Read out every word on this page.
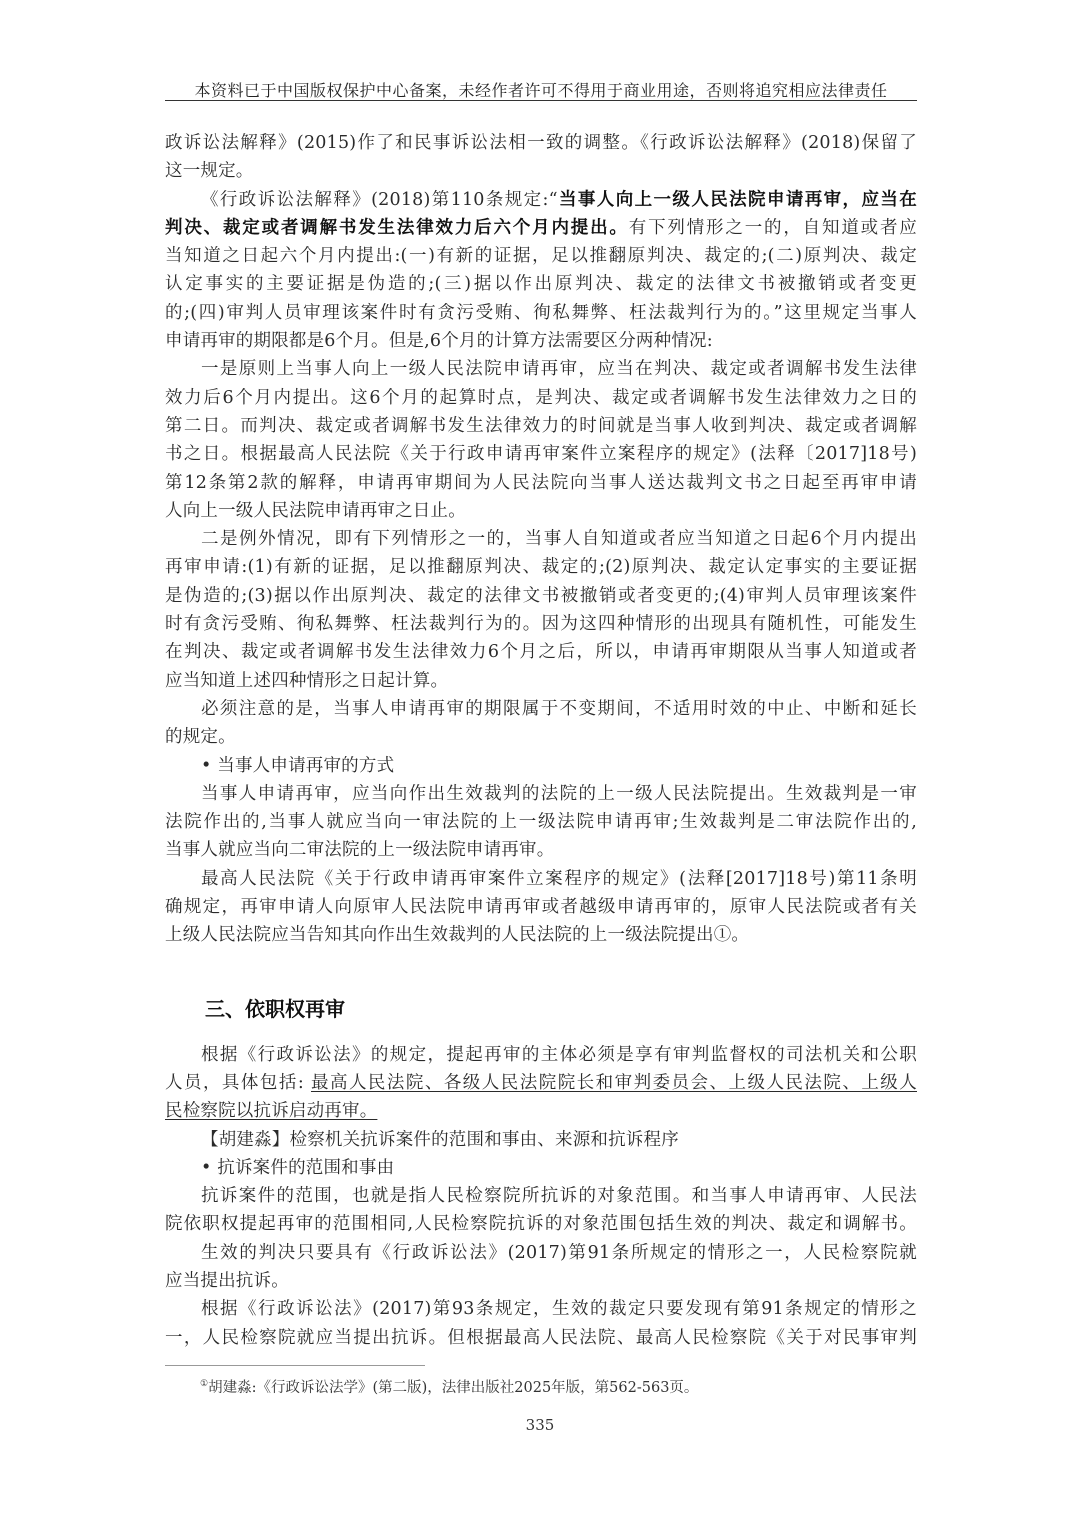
本资料已于中国版权保护中心备案，未经作者许可不得用于商业用途，否则将追究相应法律责任
政诉讼法解释》(2015)作了和民事诉讼法相一致的调整。《行政诉讼法解释》(2018)保留了
这一规定。
《行政诉讼法解释》(2018)第110条规定:“当事人向上一级人民法院申请再审，应当在
判决、裁定或者调解书发生法律效力后六个月内提出。有下列情形之一的，自知道或者应
当知道之日起六个月内提出:(一)有新的证据，足以推翻原判决、裁定的;(二)原判决、裁定
认定事实的主要证据是伪造的;(三)据以作出原判决、裁定的法律文书被撤销或者变更
的;(四)审判人员审理该案件时有贪污受贿、徇私舞弊、枉法裁判行为的。”这里规定当事人
申请再审的期限都是6个月。但是,6个月的计算方法需要区分两种情况:
一是原则上当事人向上一级人民法院申请再审，应当在判决、裁定或者调解书发生法律
效力后6个月内提出。这6个月的起算时点，是判决、裁定或者调解书发生法律效力之日的
第二日。而判决、裁定或者调解书发生法律效力的时间就是当事人收到判决、裁定或者调解
书之日。根据最高人民法院《关于行政申请再审案件立案程序的规定》(法释〔2017]18号)
第12条第2款的解释，申请再审期间为人民法院向当事人送达裁判文书之日起至再审申请
人向上一级人民法院申请再审之日止。
二是例外情况，即有下列情形之一的，当事人自知道或者应当知道之日起6个月内提出
再审申请:(1)有新的证据，足以推翻原判决、裁定的;(2)原判决、裁定认定事实的主要证据
是伪造的;(3)据以作出原判决、裁定的法律文书被撤销或者变更的;(4)审判人员审理该案件
时有贪污受贿、徇私舞弊、枉法裁判行为的。因为这四种情形的出现具有随机性，可能发生
在判决、裁定或者调解书发生法律效力6个月之后，所以，申请再审期限从当事人知道或者
应当知道上述四种情形之日起计算。
必须注意的是，当事人申请再审的期限属于不变期间，不适用时效的中止、中断和延长
的规定。
• 当事人申请再审的方式
当事人申请再审，应当向作出生效裁判的法院的上一级人民法院提出。生效裁判是一审
法院作出的,当事人就应当向一审法院的上一级法院申请再审;生效裁判是二审法院作出的,
当事人就应当向二审法院的上一级法院申请再审。
最高人民法院《关于行政申请再审案件立案程序的规定》(法释[2017]18号)第11条明
确规定，再审申请人向原审人民法院申请再审或者越级申请再审的，原审人民法院或者有关
上级人民法院应当告知其向作出生效裁判的人民法院的上一级法院提出①。
三、依职权再审
根据《行政诉讼法》的规定，提起再审的主体必须是享有审判监督权的司法机关和公职
人员，具体包括: 最高人民法院、各级人民法院院长和审判委员会、上级人民法院、上级人
民检察院以抗诉启动再审。
【胡建淼】检察机关抗诉案件的范围和事由、来源和抗诉程序
• 抗诉案件的范围和事由
抗诉案件的范围，也就是指人民检察院所抗诉的对象范围。和当事人申请再审、人民法
院依职权提起再审的范围相同,人民检察院抗诉的对象范围包括生效的判决、裁定和调解书。
生效的判决只要具有《行政诉讼法》(2017)第91条所规定的情形之一，人民检察院就
应当提出抗诉。
根据《行政诉讼法》(2017)第93条规定，生效的裁定只要发现有第91条规定的情形之
一，人民检察院就应当提出抗诉。但根据最高人民法院、最高人民检察院《关于对民事审判
①胡建淼:《行政诉讼法学》(第二版)，法律出版社2025年版，第562-563页。
335
